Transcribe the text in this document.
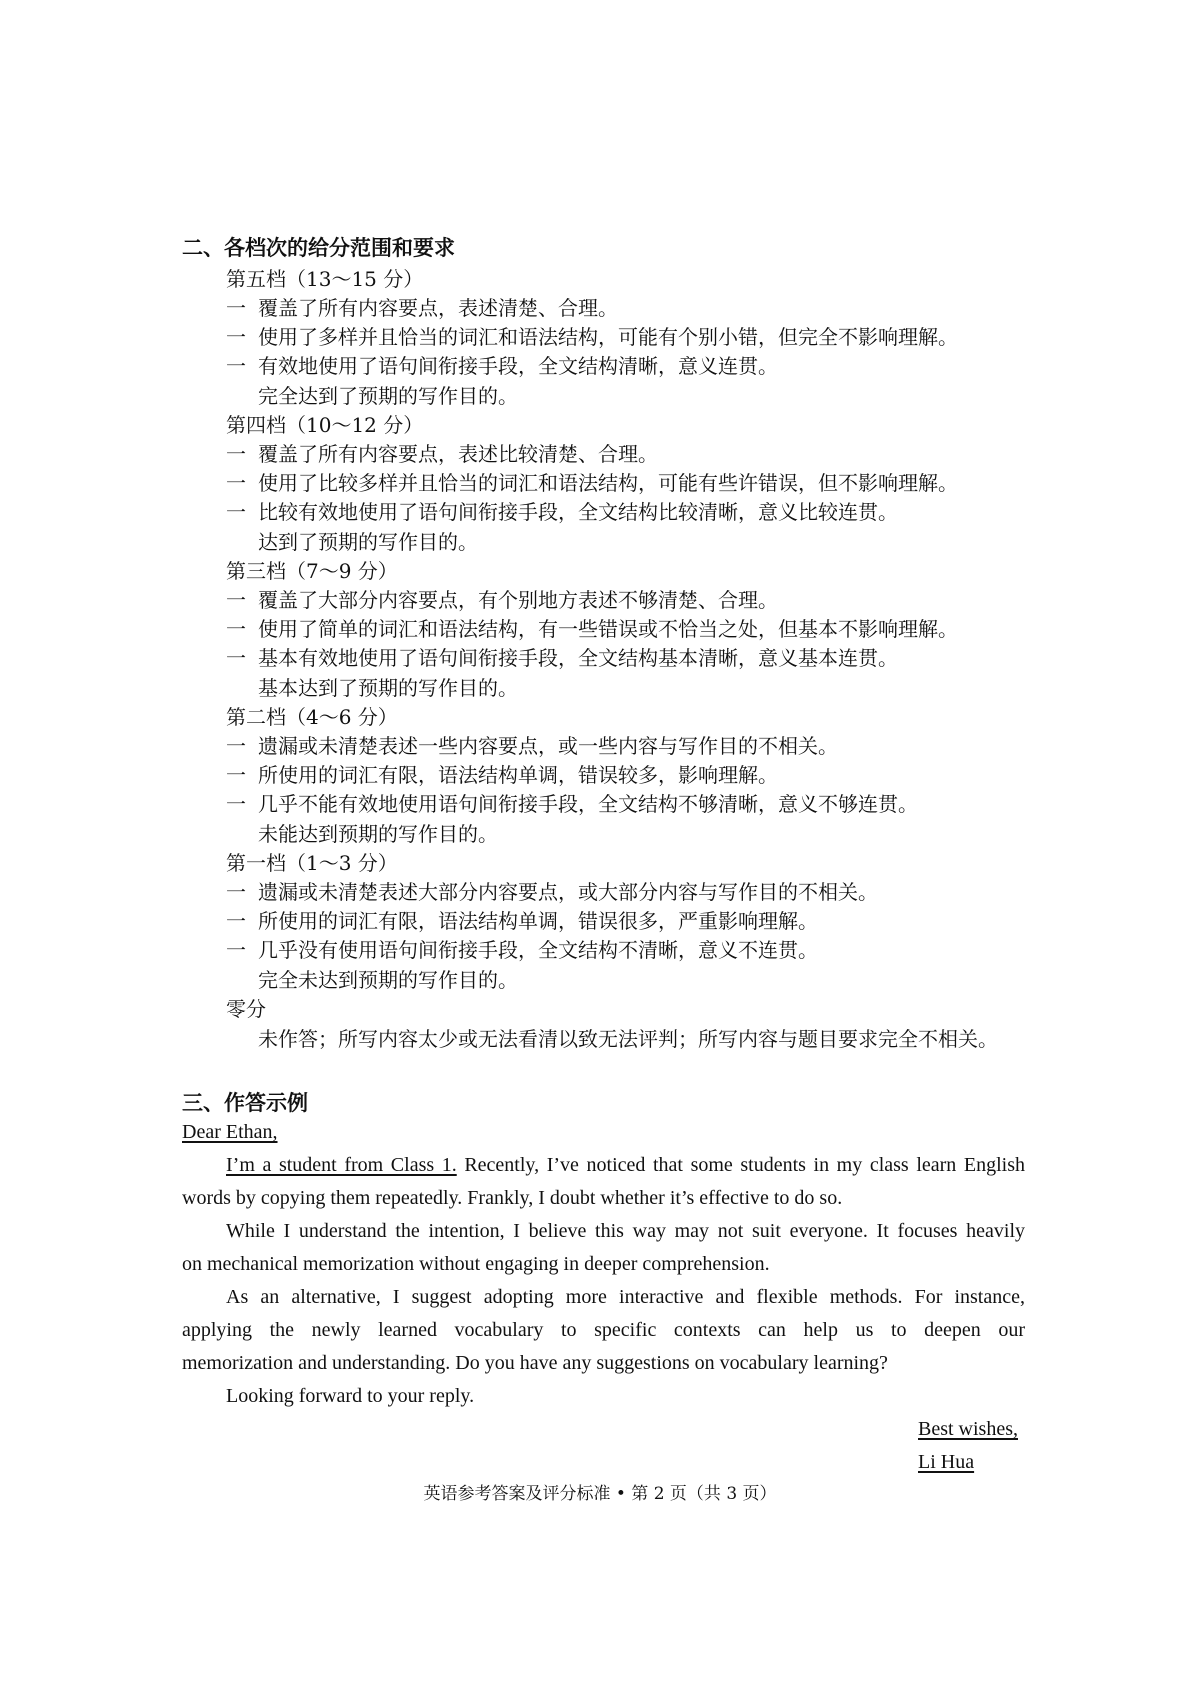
二、各档次的给分范围和要求
第五档（13～15 分）
一 覆盖了所有内容要点，表述清楚、合理。
一 使用了多样并且恰当的词汇和语法结构，可能有个别小错，但完全不影响理解。
一 有效地使用了语句间衔接手段，全文结构清晰，意义连贯。
完全达到了预期的写作目的。
第四档（10～12 分）
一 覆盖了所有内容要点，表述比较清楚、合理。
一 使用了比较多样并且恰当的词汇和语法结构，可能有些许错误，但不影响理解。
一 比较有效地使用了语句间衔接手段，全文结构比较清晰，意义比较连贯。
达到了预期的写作目的。
第三档（7～9 分）
一 覆盖了大部分内容要点，有个别地方表述不够清楚、合理。
一 使用了简单的词汇和语法结构，有一些错误或不恰当之处，但基本不影响理解。
一 基本有效地使用了语句间衔接手段，全文结构基本清晰，意义基本连贯。
基本达到了预期的写作目的。
第二档（4～6 分）
一 遗漏或未清楚表述一些内容要点，或一些内容与写作目的不相关。
一 所使用的词汇有限，语法结构单调，错误较多，影响理解。
一 几乎不能有效地使用语句间衔接手段，全文结构不够清晰，意义不够连贯。
未能达到预期的写作目的。
第一档（1～3 分）
一 遗漏或未清楚表述大部分内容要点，或大部分内容与写作目的不相关。
一 所使用的词汇有限，语法结构单调，错误很多，严重影响理解。
一 几乎没有使用语句间衔接手段，全文结构不清晰，意义不连贯。
完全未达到预期的写作目的。
零分
未作答；所写内容太少或无法看清以致无法评判；所写内容与题目要求完全不相关。
三、作答示例
Dear Ethan,
I’m a student from Class 1. Recently, I’ve noticed that some students in my class learn English
words by copying them repeatedly. Frankly, I doubt whether it’s effective to do so.
While I understand the intention, I believe this way may not suit everyone. It focuses heavily
on mechanical memorization without engaging in deeper comprehension.
As an alternative, I suggest adopting more interactive and flexible methods. For instance,
applying the newly learned vocabulary to specific contexts can help us to deepen our
memorization and understanding. Do you have any suggestions on vocabulary learning?
Looking forward to your reply.
Best wishes,
Li Hua
英语参考答案及评分标准 • 第 2 页（共 3 页）
